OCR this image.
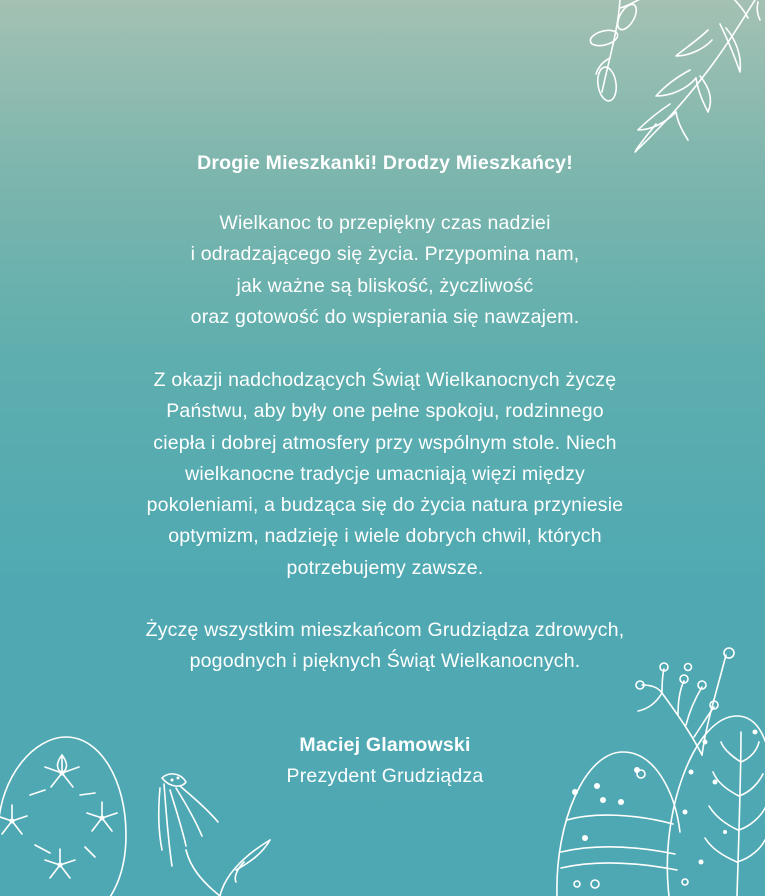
Drogie Mieszkanki! Drodzy Mieszkańcy!
Wielkanoc to przepiękny czas nadziei
i odradzającego się życia. Przypomina nam,
jak ważne są bliskość, życzliwość
oraz gotowość do wspierania się nawzajem.
Z okazji nadchodzących Świąt Wielkanocnych życzę
Państwu, aby były one pełne spokoju, rodzinnego
ciepła i dobrej atmosfery przy wspólnym stole. Niech
wielkanocne tradycje umacniają więzi między
pokoleniami, a budząca się do życia natura przyniesie
optymizm, nadzieję i wiele dobrych chwil, których
potrzebujemy zawsze.
Życzę wszystkim mieszkańcom Grudziądza zdrowych,
pogodnych i pięknych Świąt Wielkanocnych.
Maciej Glamowski
Prezydent Grudziądza
